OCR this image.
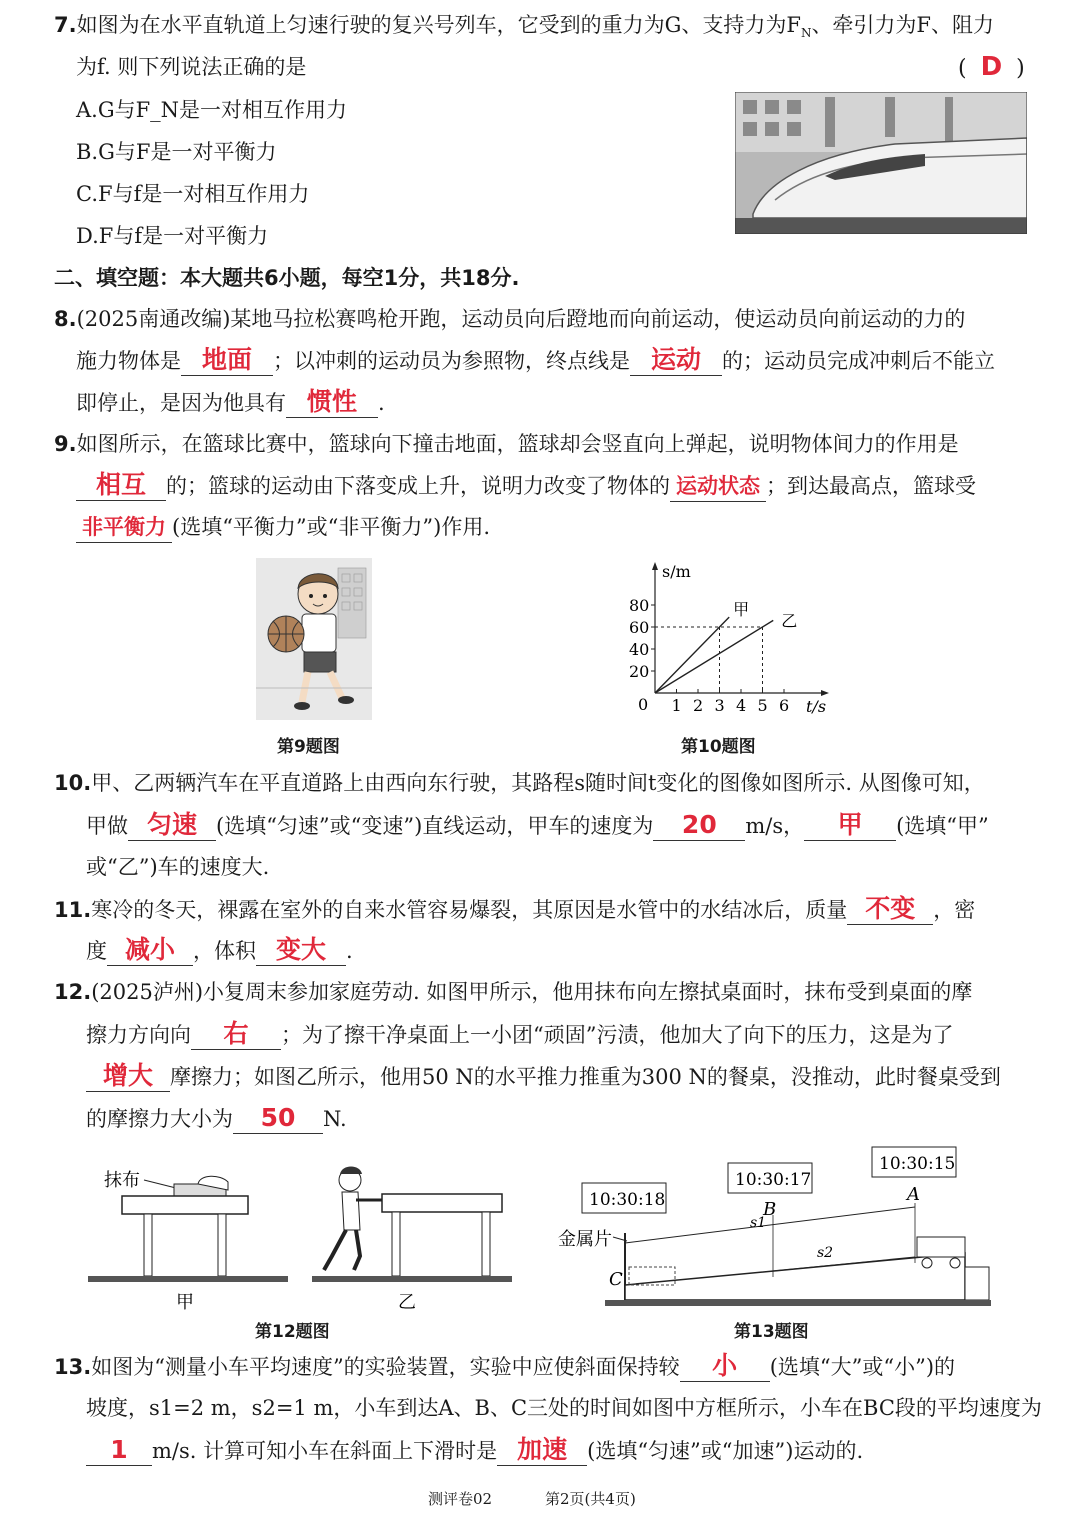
7.如图为在水平直轨道上匀速行驶的复兴号列车，它受到的重力为G、支持力为$F_N$、牵引力为F、阻力
为f. 则下列说法正确的是	(  D  )
A.G与F_N是一对相互作用力
B.G与F是一对平衡力
C.F与f是一对相互作用力
D.F与f是一对平衡力
二、填空题：本大题共6小题，每空1分，共18分.
8.(2025南通改编)某地马拉松赛鸣枪开跑，运动员向后蹬地而向前运动，使运动员向前运动的力的
施力物体是 地面 ；以冲刺的运动员为参照物，终点线是 运动 的；运动员完成冲刺后不能立
即停止，是因为他具有 惯性 .
9.如图所示，在篮球比赛中，篮球向下撞击地面，篮球却会竖直向上弹起，说明物体间力的作用是
相互 的；篮球的运动由下落变成上升，说明力改变了物体的 运动状态 ；到达最高点，篮球受
非平衡力 (选填“平衡力”或“非平衡力”)作用.
第9题图
s/m
t/s
0
80
60
40
20
1 2 3 4 5 6
甲
乙
第10题图
10.甲、乙两辆汽车在平直道路上由西向东行驶，其路程s随时间t变化的图像如图所示. 从图像可知，
甲做 匀速 (选填“匀速”或“变速”)直线运动，甲车的速度为 20 m/s， 甲 (选填“甲”
或“乙”)车的速度大.
11.寒冷的冬天，裸露在室外的自来水管容易爆裂，其原因是水管中的水结冰后，质量 不变 ，密
度 减小 ，体积 变大 .
12.(2025泸州)小复周末参加家庭劳动. 如图甲所示，他用抹布向左擦拭桌面时，抹布受到桌面的摩
擦力方向向 右 ；为了擦干净桌面上一小团“顽固”污渍，他加大了向下的压力，这是为了
增大 摩擦力；如图乙所示，他用50 N的水平推力推重为300 N的餐桌，没推动，此时餐桌受到
的摩擦力大小为 50 N.
抹布
甲	乙
第12题图
10:30:18
10:30:17
10:30:15
金属片
B
A
C
s1
s2
第13题图
13.如图为“测量小车平均速度”的实验装置，实验中应使斜面保持较 小 (选填“大”或“小”)的
坡度，s1=2 m，s2=1 m，小车到达A、B、C三处的时间如图中方框所示，小车在BC段的平均速度为
1 m/s. 计算可知小车在斜面上下滑时是 加速 (选填“匀速”或“加速”)运动的.
测评卷02	第2页(共4页)
